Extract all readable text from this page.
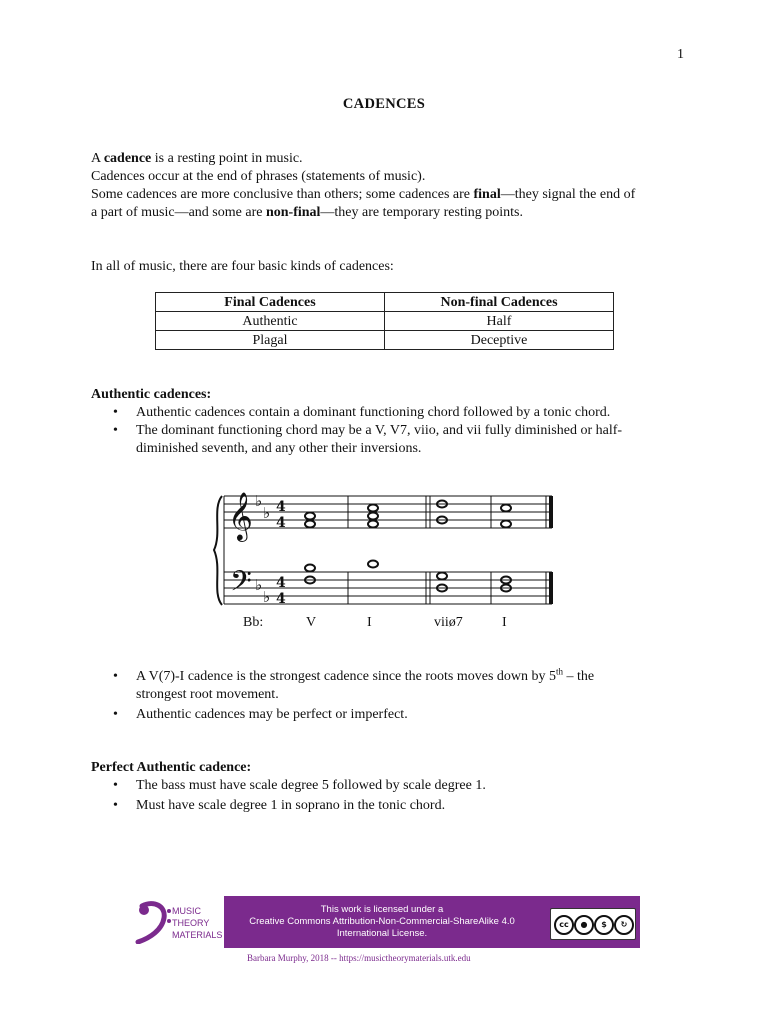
1
CADENCES

A cadence is a resting point in music.

Cadences occur at the end of phrases (statements of music).

Some cadences are more conclusive than others; some cadences are final—they signal the end of

a part of music—and some are non-final—they are temporary resting points.

In all of music, there are four basic kinds of cadences:
Final Cadences	Non-final Cadences
Authentic	Half
Plagal	Deceptive
Authentic cadences:
• Authentic cadences contain a dominant functioning chord followed by a tonic chord.
• The dominant functioning chord may be a V, V7, viio, and vii fully diminished or half-
diminished seventh, and any other their inversions.
𝄞
𝄢
♭
♭
♭
♭
4
4
4
4
Bb:	V	I	viiø7	I
• A V(7)-I cadence is the strongest cadence since the roots moves down by 5th – the
strongest root movement.
• Authentic cadences may be perfect or imperfect.
Perfect Authentic cadence:
• The bass must have scale degree 5 followed by scale degree 1.
• Must have scale degree 1 in soprano in the tonic chord.
MUSIC
THEORY
MATERIALS
This work is licensed under a
Creative Commons Attribution-Non-Commercial-ShareAlike 4.0
International License.
cc	●	$	↻
Barbara Murphy, 2018 -- https://musictheorymaterials.utk.edu
